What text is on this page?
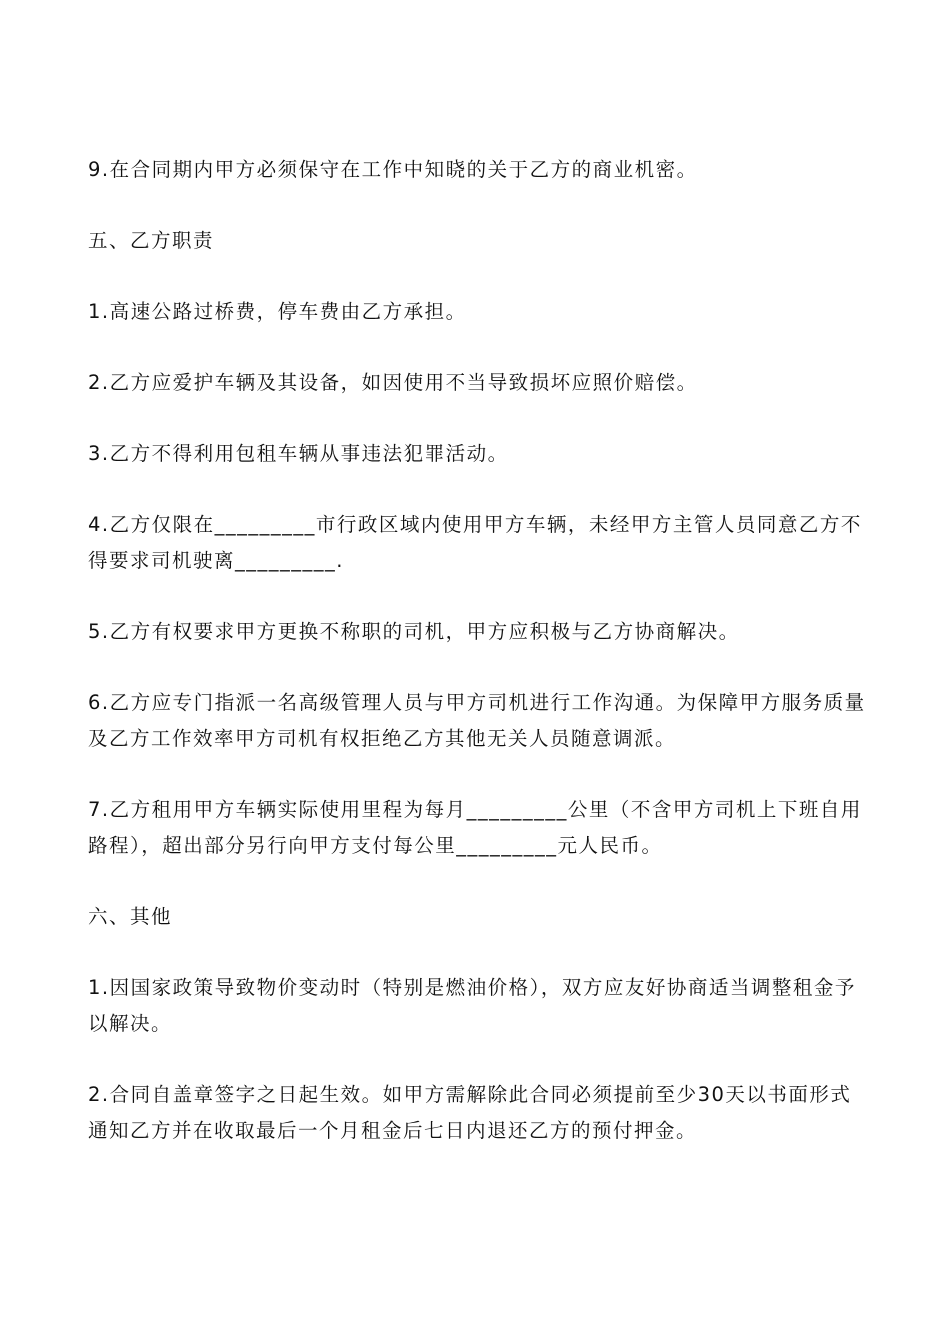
9.在合同期内甲方必须保守在工作中知晓的关于乙方的商业机密。

五、乙方职责

1.高速公路过桥费，停车费由乙方承担。

2.乙方应爱护车辆及其设备，如因使用不当导致损坏应照价赔偿。

3.乙方不得利用包租车辆从事违法犯罪活动。

4.乙方仅限在_________市行政区域内使用甲方车辆，未经甲方主管人员同意乙方不得要求司机驶离_________.

5.乙方有权要求甲方更换不称职的司机，甲方应积极与乙方协商解决。

6.乙方应专门指派一名高级管理人员与甲方司机进行工作沟通。为保障甲方服务质量及乙方工作效率甲方司机有权拒绝乙方其他无关人员随意调派。

7.乙方租用甲方车辆实际使用里程为每月_________公里（不含甲方司机上下班自用路程），超出部分另行向甲方支付每公里_________元人民币。

六、其他

1.因国家政策导致物价变动时（特别是燃油价格），双方应友好协商适当调整租金予以解决。

2.合同自盖章签字之日起生效。如甲方需解除此合同必须提前至少30天以书面形式通知乙方并在收取最后一个月租金后七日内退还乙方的预付押金。
